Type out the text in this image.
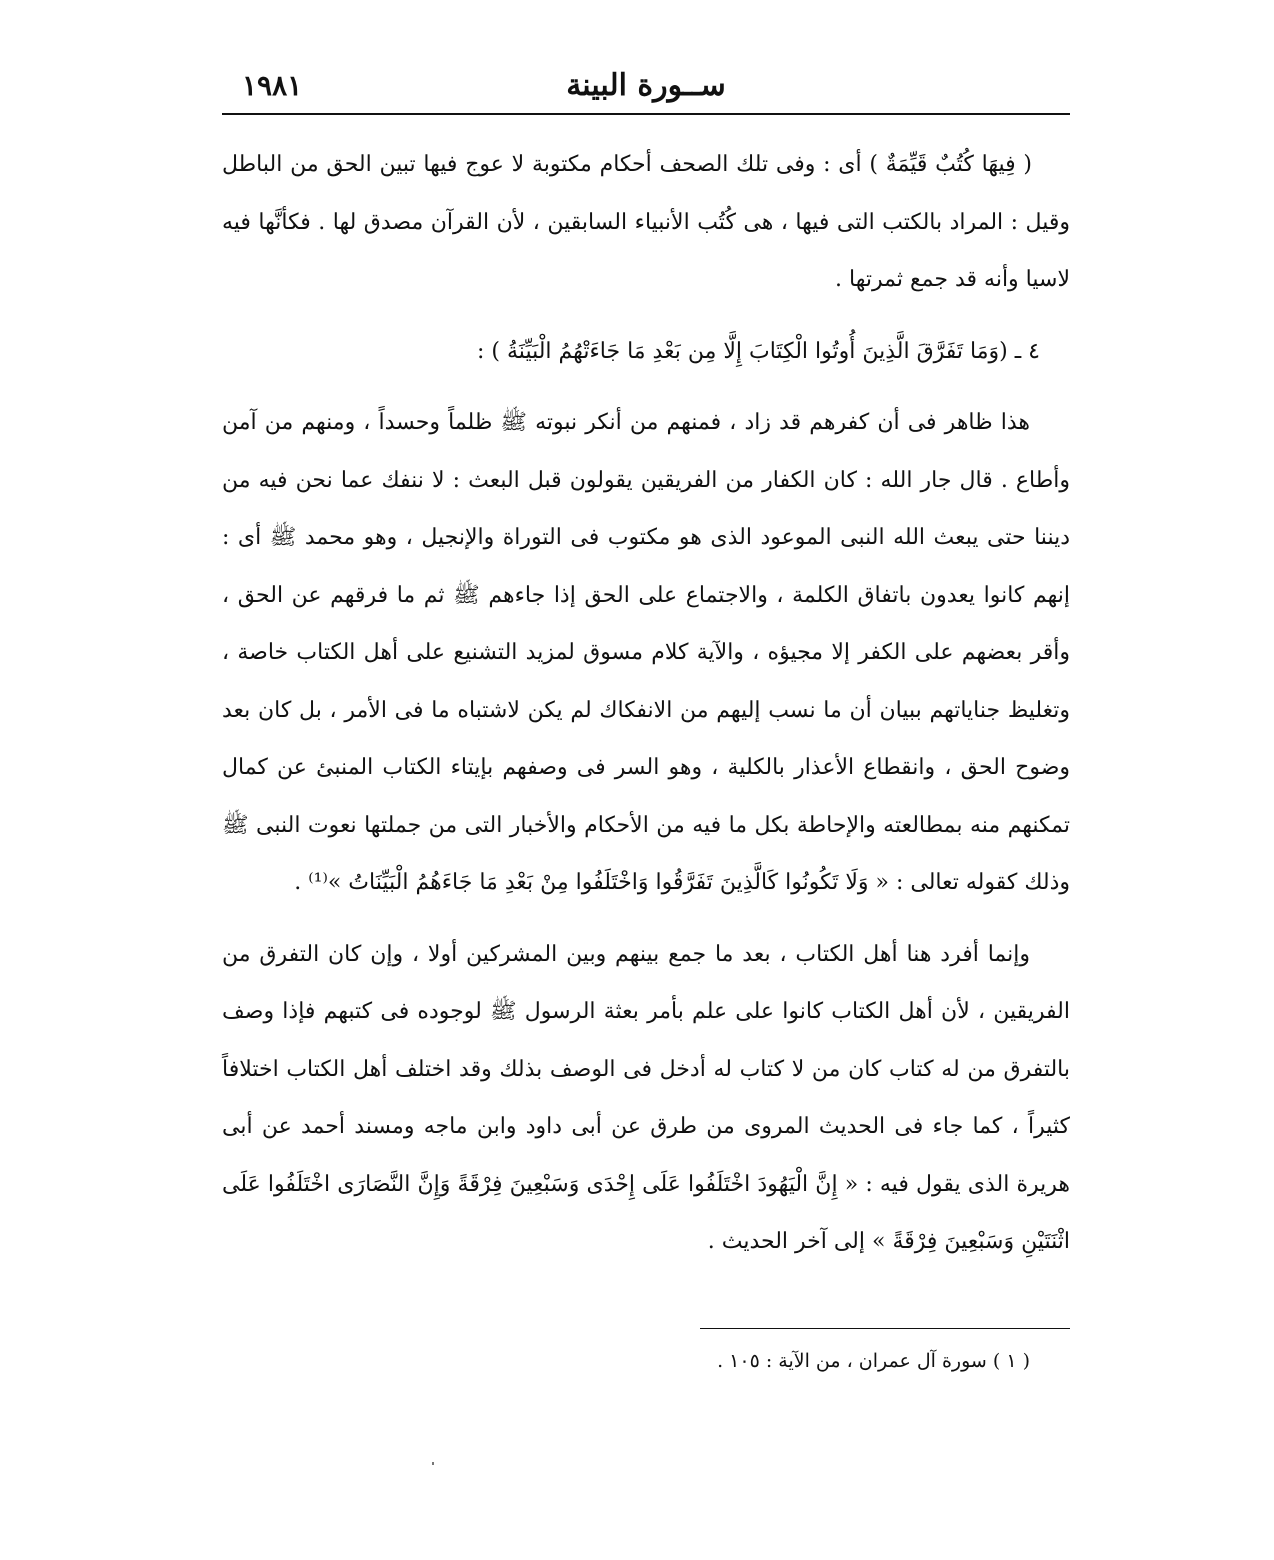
ســورة البينة
١٩٨١

( فِيهَا كُتُبٌ قَيِّمَةٌ ) أى : وفى تلك الصحف أحكام مكتوبة لا عوج فيها تبين الحق من الباطل وقيل : المراد بالكتب التى فيها ، هى كُتُب الأنبياء السابقين ، لأن القرآن مصدق لها . فكأنَّها فيه لاسيا وأنه قد جمع ثمرتها .

٤ ـ (وَمَا تَفَرَّقَ الَّذِينَ أُوتُوا الْكِتَابَ إِلَّا مِن بَعْدِ مَا جَاءَتْهُمُ الْبَيِّنَةُ ) :

هذا ظاهر فى أن كفرهم قد زاد ، فمنهم من أنكر نبوته ﷺ ظلماً وحسداً ، ومنهم من آمن وأطاع . قال جار الله : كان الكفار من الفريقين يقولون قبل البعث : لا ننفك عما نحن فيه من ديننا حتى يبعث الله النبى الموعود الذى هو مكتوب فى التوراة والإنجيل ، وهو محمد ﷺ أى : إنهم كانوا يعدون باتفاق الكلمة ، والاجتماع على الحق إذا جاءهم ﷺ ثم ما فرقهم عن الحق ، وأقر بعضهم على الكفر إلا مجيؤه ، والآية كلام مسوق لمزيد التشنيع على أهل الكتاب خاصة ، وتغليظ جناياتهم ببيان أن ما نسب إليهم من الانفكاك لم يكن لاشتباه ما فى الأمر ، بل كان بعد وضوح الحق ، وانقطاع الأعذار بالكلية ، وهو السر فى وصفهم بإيتاء الكتاب المنبئ عن كمال تمكنهم منه بمطالعته والإحاطة بكل ما فيه من الأحكام والأخبار التى من جملتها نعوت النبى ﷺ وذلك كقوله تعالى : « وَلَا تَكُونُوا كَالَّذِينَ تَفَرَّقُوا وَاخْتَلَفُوا مِنْ بَعْدِ مَا جَاءَهُمُ الْبَيِّنَاتُ »⁽¹⁾ .

وإنما أفرد هنا أهل الكتاب ، بعد ما جمع بينهم وبين المشركين أولا ، وإن كان التفرق من الفريقين ، لأن أهل الكتاب كانوا على علم بأمر بعثة الرسول ﷺ لوجوده فى كتبهم فإذا وصف بالتفرق من له كتاب كان من لا كتاب له أدخل فى الوصف بذلك وقد اختلف أهل الكتاب اختلافاً كثيراً ، كما جاء فى الحديث المروى من طرق عن أبى داود وابن ماجه ومسند أحمد عن أبى هريرة الذى يقول فيه : « إِنَّ الْيَهُودَ اخْتَلَفُوا عَلَى إِحْدَى وَسَبْعِينَ فِرْقَةً وَإِنَّ النَّصَارَى اخْتَلَفُوا عَلَى اثْنَتَيْنِ وَسَبْعِينَ فِرْقَةً » إلى آخر الحديث .

( ١ ) سورة آل عمران ، من الآية : ١٠٥ .
